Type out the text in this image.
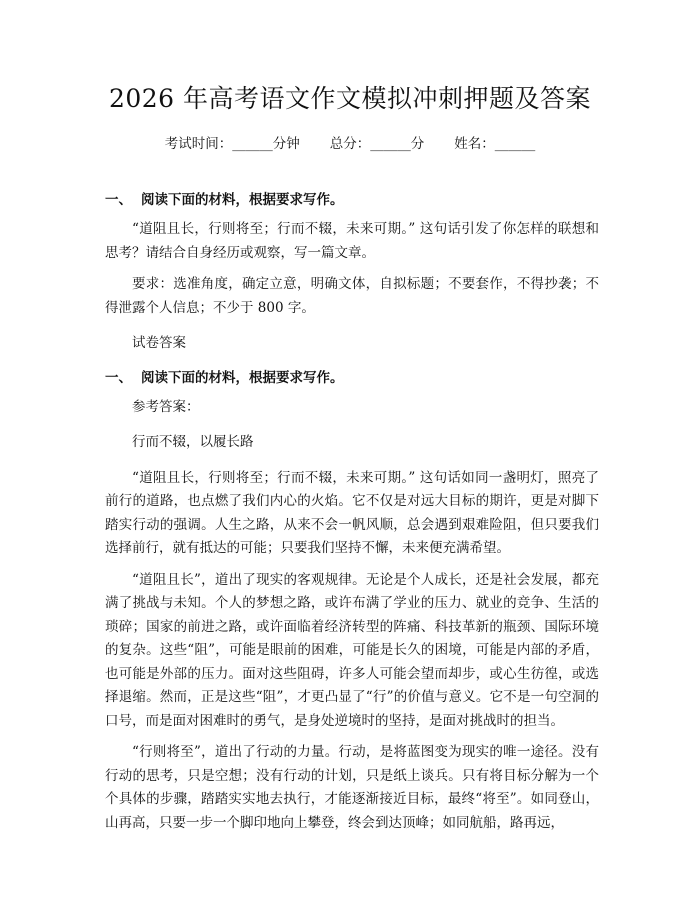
2026 年高考语文作文模拟冲刺押题及答案
考试时间：______分钟 总分：______分 姓名：______
一、 阅读下面的材料，根据要求写作。

“道阻且长，行则将至；行而不辍，未来可期。” 这句话引发了你怎样的联想和思考？请结合自身经历或观察，写一篇文章。

要求：选准角度，确定立意，明确文体，自拟标题；不要套作，不得抄袭；不得泄露个人信息；不少于 800 字。

试卷答案

一、 阅读下面的材料，根据要求写作。

参考答案：

行而不辍，以履长路

“道阻且长，行则将至；行而不辍，未来可期。” 这句话如同一盏明灯，照亮了前行的道路，也点燃了我们内心的火焰。它不仅是对远大目标的期许，更是对脚下踏实行动的强调。人生之路，从来不会一帆风顺，总会遇到艰难险阻，但只要我们选择前行，就有抵达的可能；只要我们坚持不懈，未来便充满希望。

“道阻且长”，道出了现实的客观规律。无论是个人成长，还是社会发展，都充满了挑战与未知。个人的梦想之路，或许布满了学业的压力、就业的竞争、生活的琐碎；国家的前进之路，或许面临着经济转型的阵痛、科技革新的瓶颈、国际环境的复杂。这些“阻”，可能是眼前的困难，可能是长久的困境，可能是内部的矛盾，也可能是外部的压力。面对这些阻碍，许多人可能会望而却步，或心生彷徨，或选择退缩。然而，正是这些“阻”，才更凸显了“行”的价值与意义。它不是一句空洞的口号，而是面对困难时的勇气，是身处逆境时的坚持，是面对挑战时的担当。

“行则将至”，道出了行动的力量。行动，是将蓝图变为现实的唯一途径。没有行动的思考，只是空想；没有行动的计划，只是纸上谈兵。只有将目标分解为一个个具体的步骤，踏踏实实地去执行，才能逐渐接近目标，最终“将至”。如同登山，山再高，只要一步一个脚印地向上攀登，终会到达顶峰；如同航船，路再远，
